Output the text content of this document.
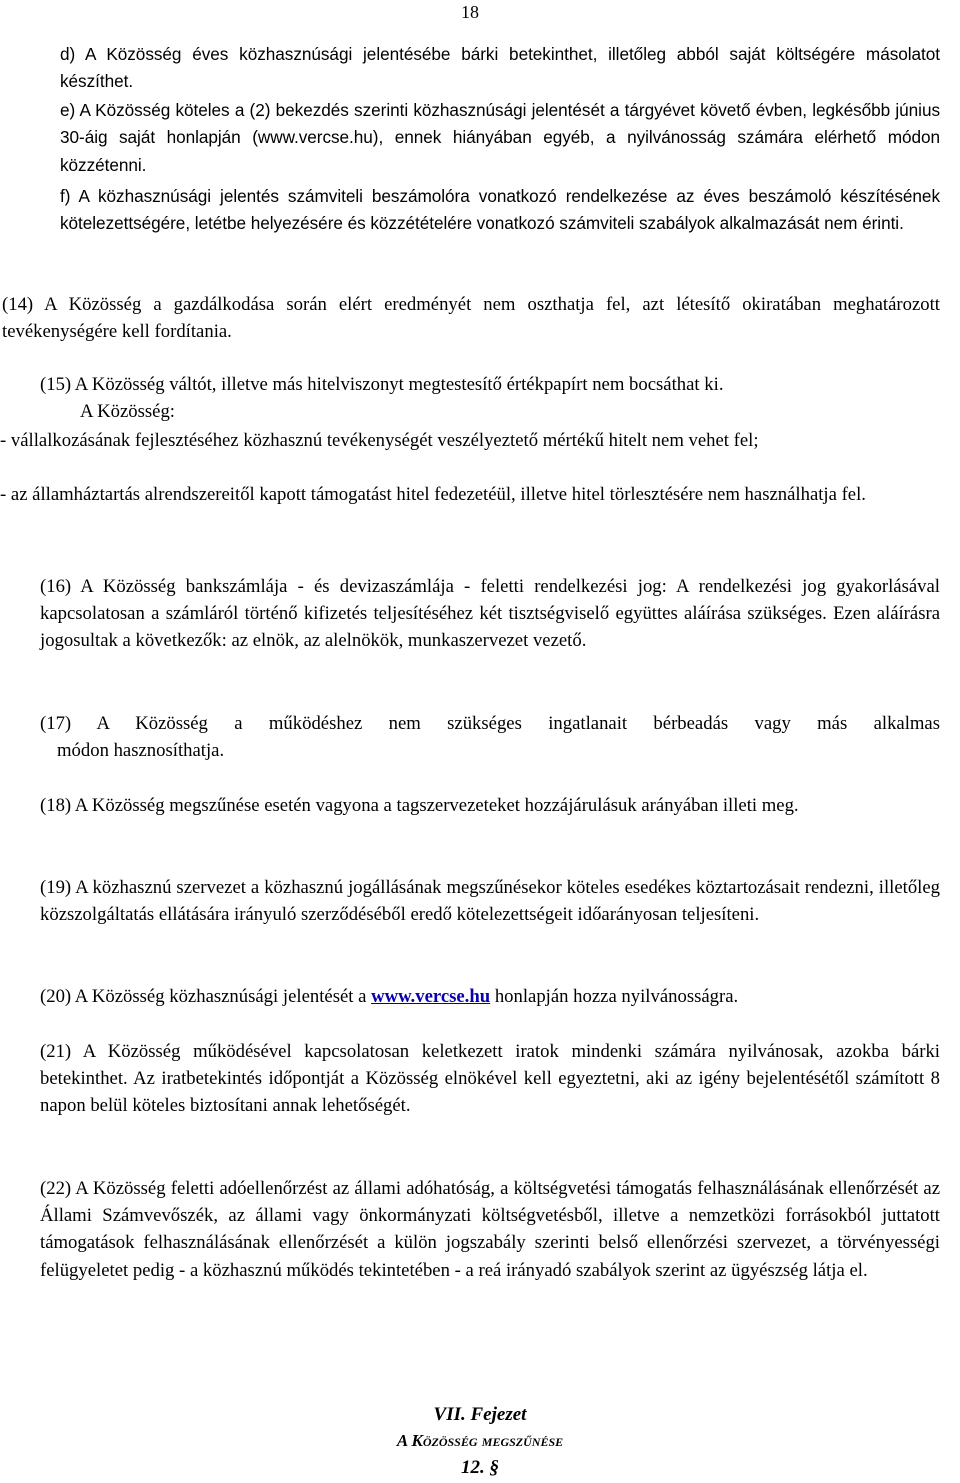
18

d) A Közösség éves közhasznúsági jelentésébe bárki betekinthet, illetőleg abból saját költségére másolatot készíthet.

e) A Közösség köteles a (2) bekezdés szerinti közhasznúsági jelentését a tárgyévet követő évben, legkésőbb június 30-áig saját honlapján (www.vercse.hu), ennek hiányában egyéb, a nyilvánosság számára elérhető módon közzétenni.

f) A közhasznúsági jelentés számviteli beszámolóra vonatkozó rendelkezése az éves beszámoló készítésének kötelezettségére, letétbe helyezésére és közzétételére vonatkozó számviteli szabályok alkalmazását nem érinti.

(14) A Közösség a gazdálkodása során elért eredményét nem oszthatja fel, azt létesítő okiratában meghatározott tevékenységére kell fordítania.

(15) A Közösség váltót, illetve más hitelviszonyt megtestesítő értékpapírt nem bocsáthat ki.

A Közösség:

- vállalkozásának fejlesztéséhez közhasznú tevékenységét veszélyeztető mértékű hitelt nem vehet fel;

- az államháztartás alrendszereitől kapott támogatást hitel fedezetéül, illetve hitel törlesztésére nem használhatja fel.

(16) A Közösség bankszámlája - és devizaszámlája - feletti rendelkezési jog: A rendelkezési jog gyakorlásával kapcsolatosan a számláról történő kifizetés teljesítéséhez két tisztségviselő együttes aláírása szükséges. Ezen aláírásra jogosultak a következők: az elnök, az alelnökök, munkaszervezet vezető.

(17) A Közösség a működéshez nem szükséges ingatlanait bérbeadás vagy más alkalmas
módon hasznosíthatja.

(18) A Közösség megszűnése esetén vagyona a tagszervezeteket hozzájárulásuk arányában illeti meg.

(19) A közhasznú szervezet a közhasznú jogállásának megszűnésekor köteles esedékes köztartozásait rendezni, illetőleg közszolgáltatás ellátására irányuló szerződéséből eredő kötelezettségeit időarányosan teljesíteni.

(20) A Közösség közhasznúsági jelentését a www.vercse.hu honlapján hozza nyilvánosságra.

(21) A Közösség működésével kapcsolatosan keletkezett iratok mindenki számára nyilvánosak, azokba bárki betekinthet. Az iratbetekintés időpontját a Közösség elnökével kell egyeztetni, aki az igény bejelentésétől számított 8 napon belül köteles biztosítani annak lehetőségét.

(22) A Közösség feletti adóellenőrzést az állami adóhatóság, a költségvetési támogatás felhasználásának ellenőrzését az Állami Számvevőszék, az állami vagy önkormányzati költségvetésből, illetve a nemzetközi forrásokból juttatott támogatások felhasználásának ellenőrzését a külön jogszabály szerinti belső ellenőrzési szervezet, a törvényességi felügyeletet pedig - a közhasznú működés tekintetében - a reá irányadó szabályok szerint az ügyészség látja el.

VII. Fejezet

A Közösség megszűnése

12. §
